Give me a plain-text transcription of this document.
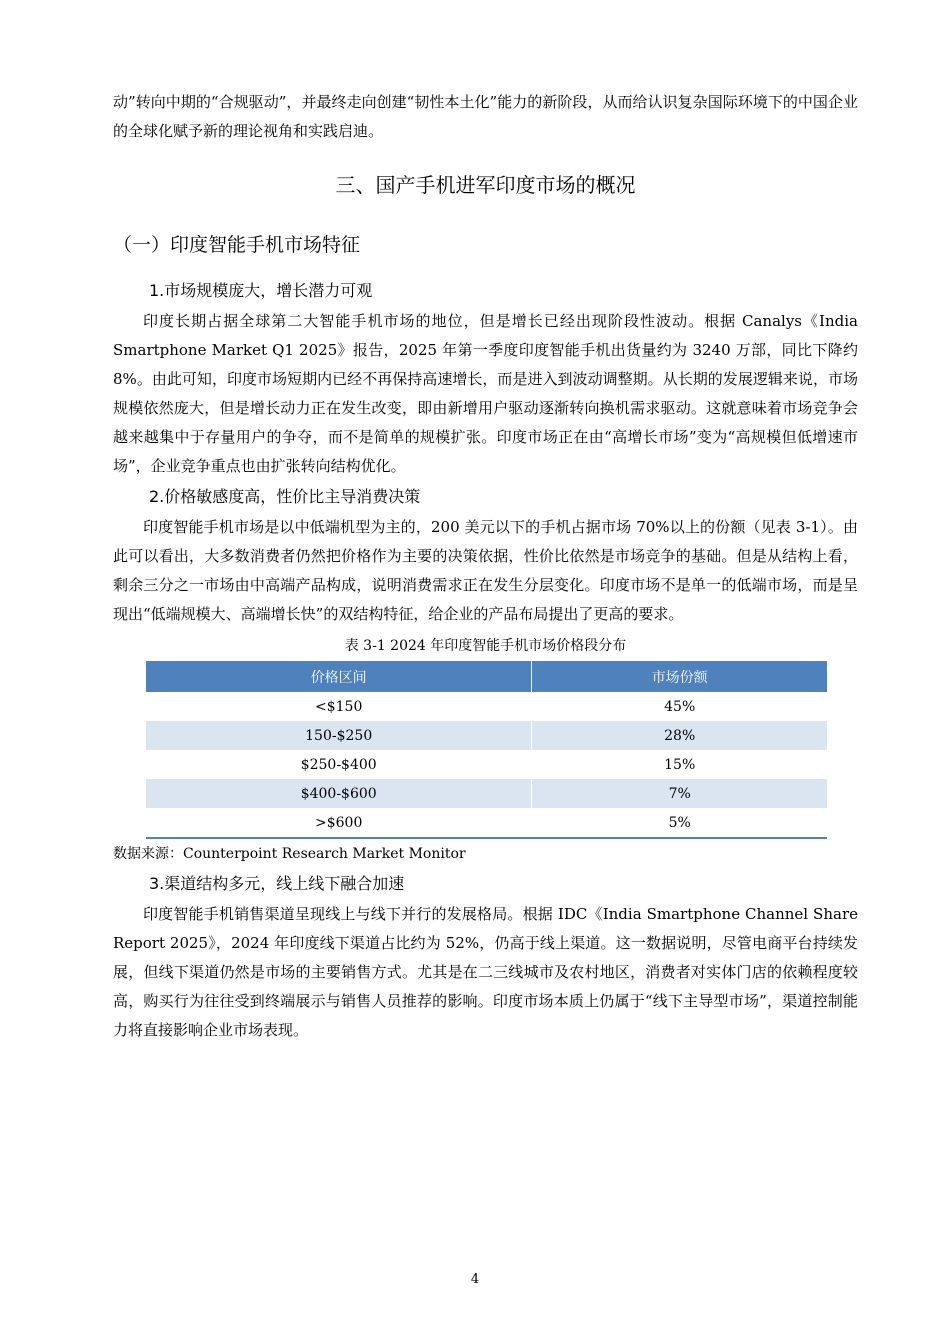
动”转向中期的“合规驱动”，并最终走向创建“韧性本土化”能力的新阶段，从而给认识复杂国际环境下的中国企业的全球化赋予新的理论视角和实践启迪。

三、国产手机进军印度市场的概况
（一）印度智能手机市场特征
1.市场规模庞大，增长潜力可观

印度长期占据全球第二大智能手机市场的地位，但是增长已经出现阶段性波动。根据 Canalys《India Smartphone Market Q1 2025》报告，2025 年第一季度印度智能手机出货量约为 3240 万部，同比下降约 8%。由此可知，印度市场短期内已经不再保持高速增长，而是进入到波动调整期。从长期的发展逻辑来说，市场规模依然庞大，但是增长动力正在发生改变，即由新增用户驱动逐渐转向换机需求驱动。这就意味着市场竞争会越来越集中于存量用户的争夺，而不是简单的规模扩张。印度市场正在由“高增长市场”变为“高规模但低增速市场”，企业竞争重点也由扩张转向结构优化。

2.价格敏感度高，性价比主导消费决策

印度智能手机市场是以中低端机型为主的，200 美元以下的手机占据市场 70%以上的份额（见表 3-1）。由此可以看出，大多数消费者仍然把价格作为主要的决策依据，性价比依然是市场竞争的基础。但是从结构上看，剩余三分之一市场由中高端产品构成，说明消费需求正在发生分层变化。印度市场不是单一的低端市场，而是呈现出“低端规模大、高端增长快”的双结构特征，给企业的产品布局提出了更高的要求。

表 3-1 2024 年印度智能手机市场价格段分布
价格区间	市场份额
<$150	45%
150-$250	28%
$250-$400	15%
$400-$600	7%
>$600	5%
数据来源：Counterpoint Research Market Monitor
3.渠道结构多元，线上线下融合加速

印度智能手机销售渠道呈现线上与线下并行的发展格局。根据 IDC《India Smartphone Channel Share Report 2025》，2024 年印度线下渠道占比约为 52%，仍高于线上渠道。这一数据说明，尽管电商平台持续发展，但线下渠道仍然是市场的主要销售方式。尤其是在二三线城市及农村地区，消费者对实体门店的依赖程度较高，购买行为往往受到终端展示与销售人员推荐的影响。印度市场本质上仍属于“线下主导型市场”，渠道控制能力将直接影响企业市场表现。

4
